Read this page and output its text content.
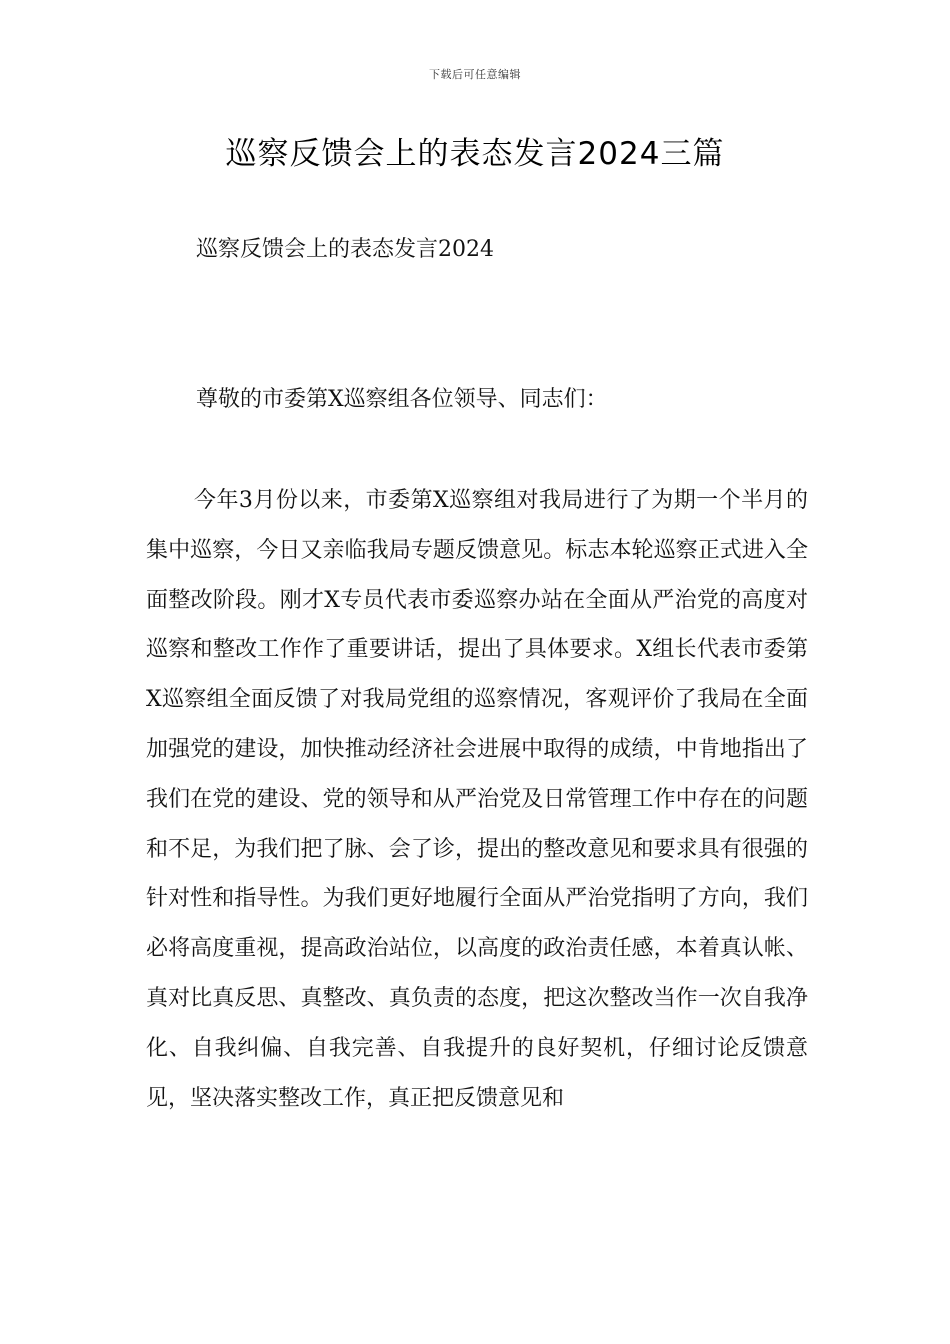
下载后可任意编辑
巡察反馈会上的表态发言2024三篇
巡察反馈会上的表态发言2024
尊敬的市委第X巡察组各位领导、同志们：

今年3月份以来，市委第X巡察组对我局进行了为期一个半月的集中巡察，今日又亲临我局专题反馈意见。标志本轮巡察正式进入全面整改阶段。刚才X专员代表市委巡察办站在全面从严治党的高度对巡察和整改工作作了重要讲话，提出了具体要求。X组长代表市委第X巡察组全面反馈了对我局党组的巡察情况，客观评价了我局在全面加强党的建设，加快推动经济社会进展中取得的成绩，中肯地指出了我们在党的建设、党的领导和从严治党及日常管理工作中存在的问题和不足，为我们把了脉、会了诊，提出的整改意见和要求具有很强的针对性和指导性。为我们更好地履行全面从严治党指明了方向，我们必将高度重视，提高政治站位，以高度的政治责任感，本着真认帐、真对比真反思、真整改、真负责的态度，把这次整改当作一次自我净化、自我纠偏、自我完善、自我提升的良好契机，仔细讨论反馈意见，坚决落实整改工作，真正把反馈意见和
